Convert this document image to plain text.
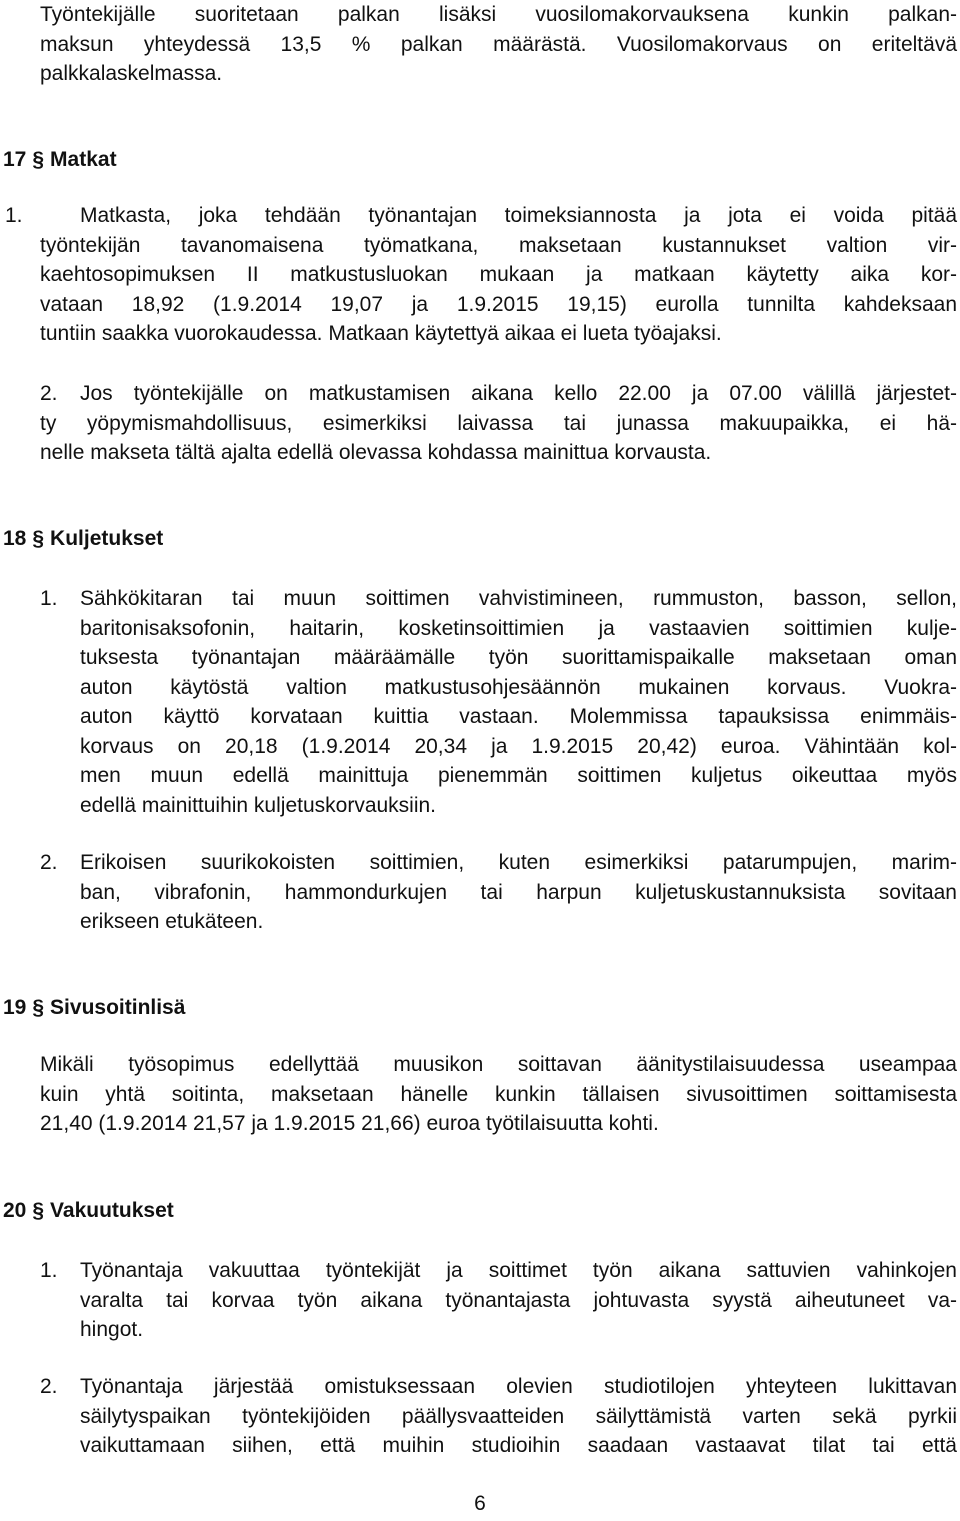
Työntekijälle suoritetaan palkan lisäksi vuosilomakorvauksena kunkin palkan-
maksun yhteydessä 13,5 % palkan määrästä. Vuosilomakorvaus on eriteltävä
palkkalaskelmassa.
17 § Matkat
1.	Matkasta, joka tehdään työnantajan toimeksiannosta ja jota ei voida pitää
työntekijän tavanomaisena työmatkana, maksetaan kustannukset valtion vir-
kaehtosopimuksen II matkustusluokan mukaan ja matkaan käytetty aika kor-
vataan 18,92 (1.9.2014 19,07 ja 1.9.2015 19,15) eurolla tunnilta kahdeksaan
tuntiin saakka vuorokaudessa. Matkaan käytettyä aikaa ei lueta työajaksi.
2. Jos työntekijälle on matkustamisen aikana kello 22.00 ja 07.00 välillä järjestet-
ty yöpymismahdollisuus, esimerkiksi laivassa tai junassa makuupaikka, ei hä-
nelle makseta tältä ajalta edellä olevassa kohdassa mainittua korvausta.
18 § Kuljetukset
1. Sähkökitaran tai muun soittimen vahvistimineen, rummuston, basson, sellon,
baritonisaksofonin, haitarin, kosketinsoittimien ja vastaavien soittimien kulje-
tuksesta työnantajan määräämälle työn suorittamispaikalle maksetaan oman
auton käytöstä valtion matkustusohjesäännön mukainen korvaus. Vuokra-
auton käyttö korvataan kuittia vastaan. Molemmissa tapauksissa enimmäis-
korvaus on 20,18 (1.9.2014 20,34 ja 1.9.2015 20,42) euroa. Vähintään kol-
men muun edellä mainittuja pienemmän soittimen kuljetus oikeuttaa myös
edellä mainittuihin kuljetuskorvauksiin.
2. Erikoisen suurikokoisten soittimien, kuten esimerkiksi patarumpujen, marim-
ban, vibrafonin, hammondurkujen tai harpun kuljetuskustannuksista sovitaan
erikseen etukäteen.
19 § Sivusoitinlisä
Mikäli työsopimus edellyttää muusikon soittavan äänitystilaisuudessa useampaa
kuin yhtä soitinta, maksetaan hänelle kunkin tällaisen sivusoittimen soittamisesta
21,40 (1.9.2014 21,57 ja 1.9.2015 21,66) euroa työtilaisuutta kohti.
20 § Vakuutukset
1. Työnantaja vakuuttaa työntekijät ja soittimet työn aikana sattuvien vahinkojen
varalta tai korvaa työn aikana työnantajasta johtuvasta syystä aiheutuneet va-
hingot.
2. Työnantaja järjestää omistuksessaan olevien studiotilojen yhteyteen lukittavan
säilytyspaikan työntekijöiden päällysvaatteiden säilyttämistä varten sekä pyrkii
vaikuttamaan siihen, että muihin studioihin saadaan vastaavat tilat tai että
6
